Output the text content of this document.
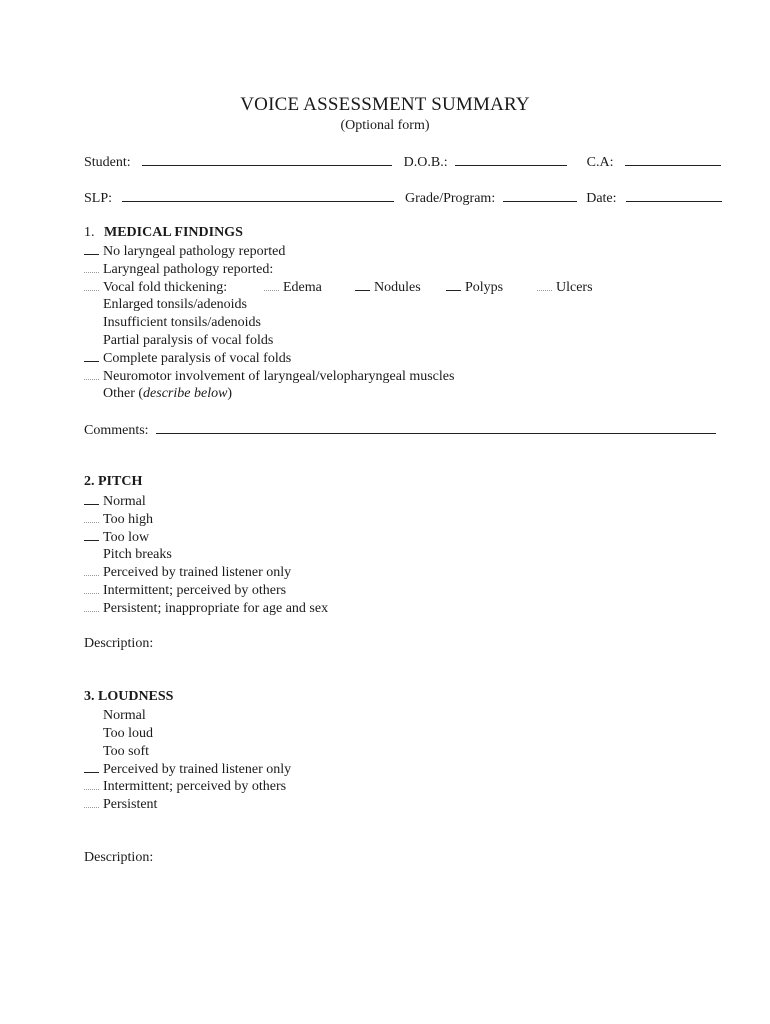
VOICE ASSESSMENT SUMMARY
(Optional form)
Student:	D.O.B.:	C.A:
SLP:	Grade/Program:	Date:
1. MEDICAL FINDINGS
No laryngeal pathology reported
Laryngeal pathology reported:
Vocal fold thickening:	Edema	Nodules	Polyps	Ulcers
Enlarged tonsils/adenoids
Insufficient tonsils/adenoids
Partial paralysis of vocal folds
Complete paralysis of vocal folds
Neuromotor involvement of laryngeal/velopharyngeal muscles
Other (describe below)
Comments:
2. PITCH
Normal
Too high
Too low
Pitch breaks
Perceived by trained listener only
Intermittent; perceived by others
Persistent; inappropriate for age and sex
Description:
3. LOUDNESS
Normal
Too loud
Too soft
Perceived by trained listener only
Intermittent; perceived by others
Persistent
Description:
